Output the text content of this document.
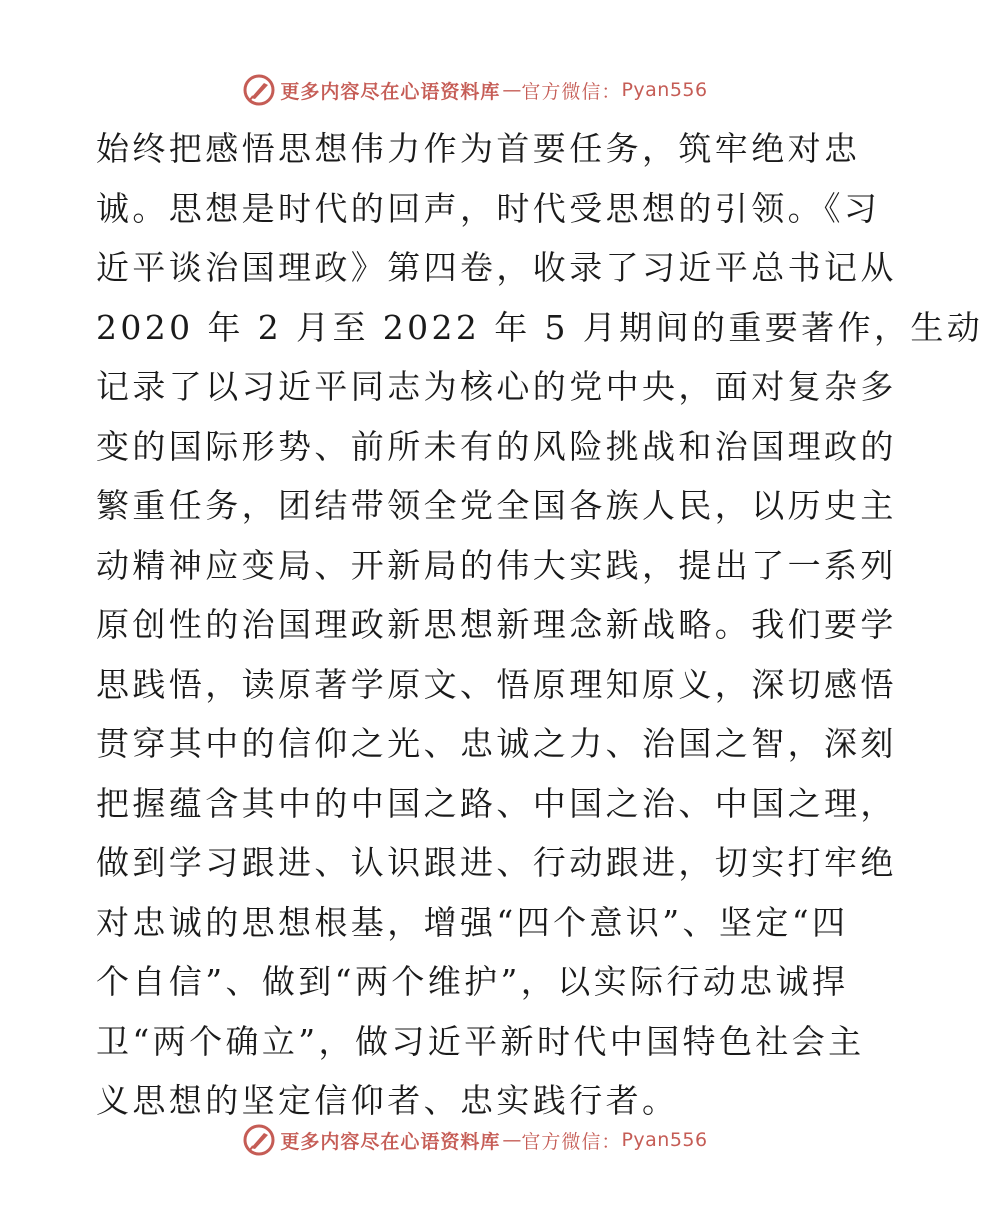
更多内容尽在心语资料库 — 官方微信： Pyan556
始终把感悟思想伟力作为首要任务，筑牢绝对忠
诚。思想是时代的回声，时代受思想的引领。《习
近平谈治国理政》第四卷，收录了习近平总书记从
2020 年 2 月至 2022 年 5 月期间的重要著作，生动
记录了以习近平同志为核心的党中央，面对复杂多
变的国际形势、前所未有的风险挑战和治国理政的
繁重任务，团结带领全党全国各族人民，以历史主
动精神应变局、开新局的伟大实践，提出了一系列
原创性的治国理政新思想新理念新战略。我们要学
思践悟，读原著学原文、悟原理知原义，深切感悟
贯穿其中的信仰之光、忠诚之力、治国之智，深刻
把握蕴含其中的中国之路、中国之治、中国之理，
做到学习跟进、认识跟进、行动跟进，切实打牢绝
对忠诚的思想根基，增强“四个意识”、坚定“四
个自信”、做到“两个维护”，以实际行动忠诚捍
卫“两个确立”，做习近平新时代中国特色社会主
义思想的坚定信仰者、忠实践行者。
更多内容尽在心语资料库 — 官方微信： Pyan556
